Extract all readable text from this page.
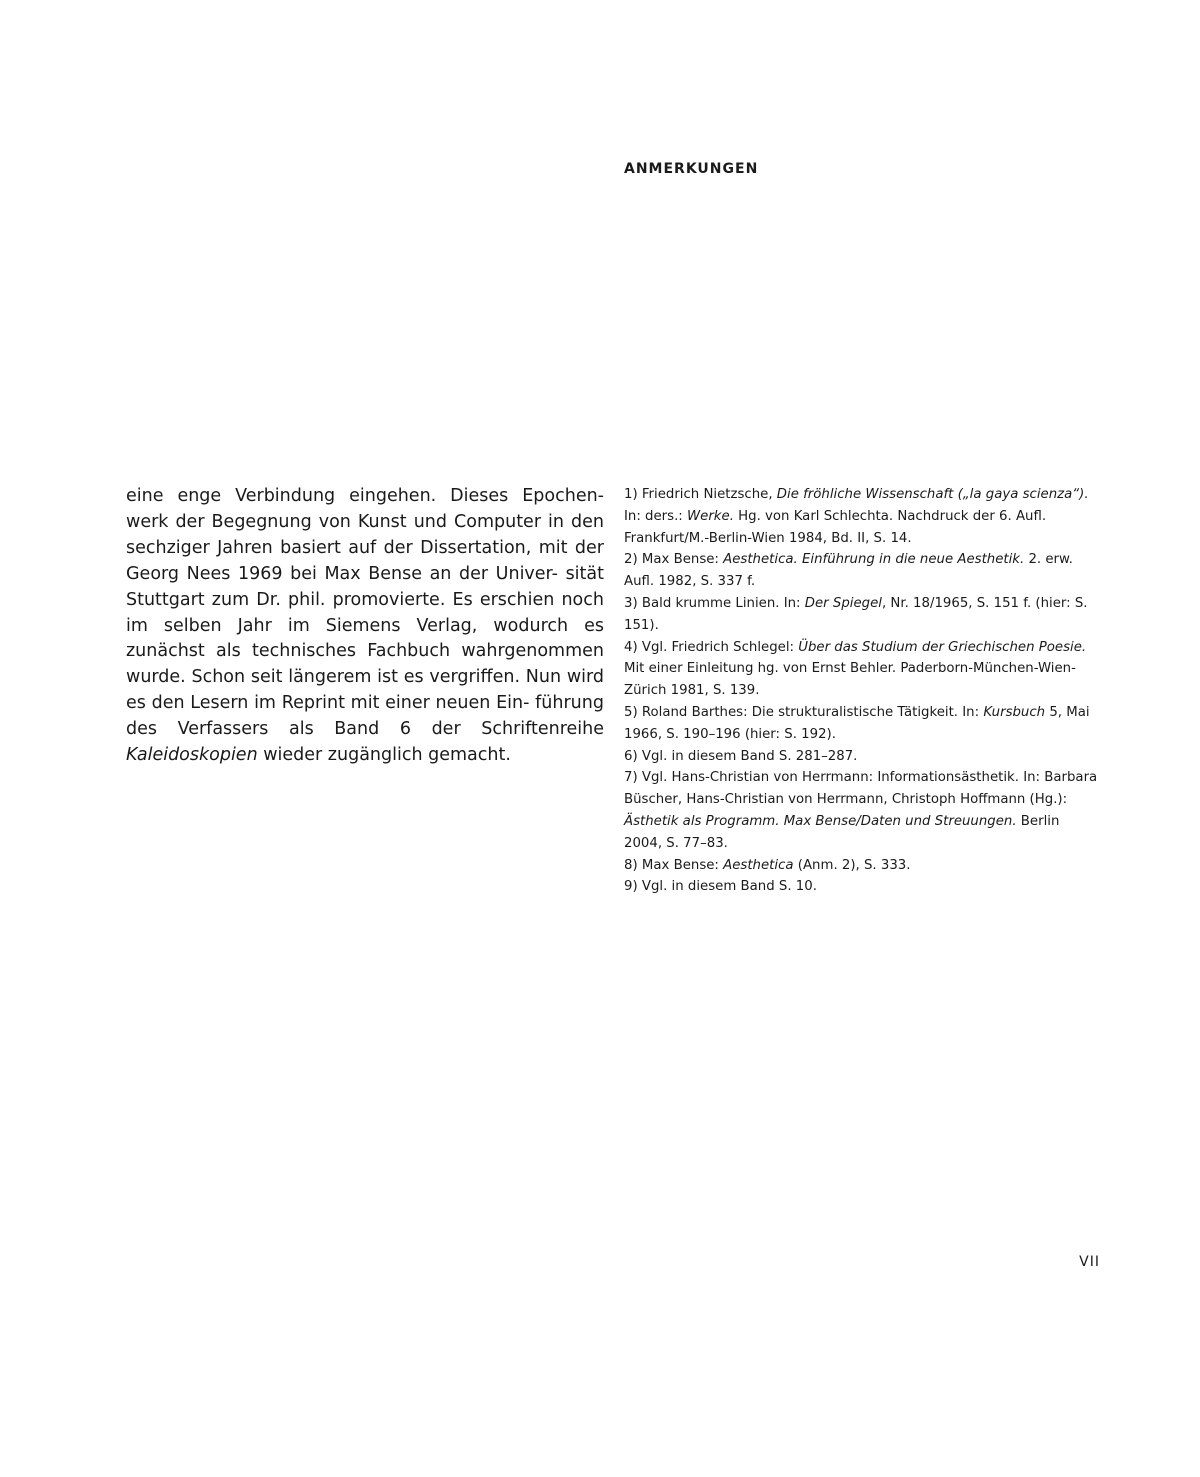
ANMERKUNGEN

eine enge Verbindung eingehen. Dieses Epochen- werk der Begegnung von Kunst und Computer in den sechziger Jahren basiert auf der Dissertation, mit der Georg Nees 1969 bei Max Bense an der Univer- sität Stuttgart zum Dr. phil. promovierte. Es erschien noch im selben Jahr im Siemens Verlag, wodurch es zunächst als technisches Fachbuch wahrgenommen wurde. Schon seit längerem ist es vergriffen. Nun wird es den Lesern im Reprint mit einer neuen Ein- führung des Verfassers als Band 6 der Schriftenreihe Kaleidoskopien wieder zugänglich gemacht.

1) Friedrich Nietzsche, Die fröhliche Wissenschaft („la gaya scienza“). In: ders.: Werke. Hg. von Karl Schlechta. Nachdruck der 6. Aufl. Frankfurt/M.-Berlin-Wien 1984, Bd. II, S. 14.
2) Max Bense: Aesthetica. Einführung in die neue Aesthetik. 2. erw. Aufl. 1982, S. 337 f.
3) Bald krumme Linien. In: Der Spiegel, Nr. 18/1965, S. 151 f. (hier: S. 151).
4) Vgl. Friedrich Schlegel: Über das Studium der Griechischen Poesie. Mit einer Einleitung hg. von Ernst Behler. Paderborn-München-Wien-Zürich 1981, S. 139.
5) Roland Barthes: Die strukturalistische Tätigkeit. In: Kursbuch 5, Mai 1966, S. 190–196 (hier: S. 192).
6) Vgl. in diesem Band S. 281–287.
7) Vgl. Hans-Christian von Herrmann: Informationsästhetik. In: Barbara Büscher, Hans-Christian von Herrmann, Christoph Hoffmann (Hg.): Ästhetik als Programm. Max Bense/Daten und Streuungen. Berlin 2004, S. 77–83.
8) Max Bense: Aesthetica (Anm. 2), S. 333.
9) Vgl. in diesem Band S. 10.
VII
